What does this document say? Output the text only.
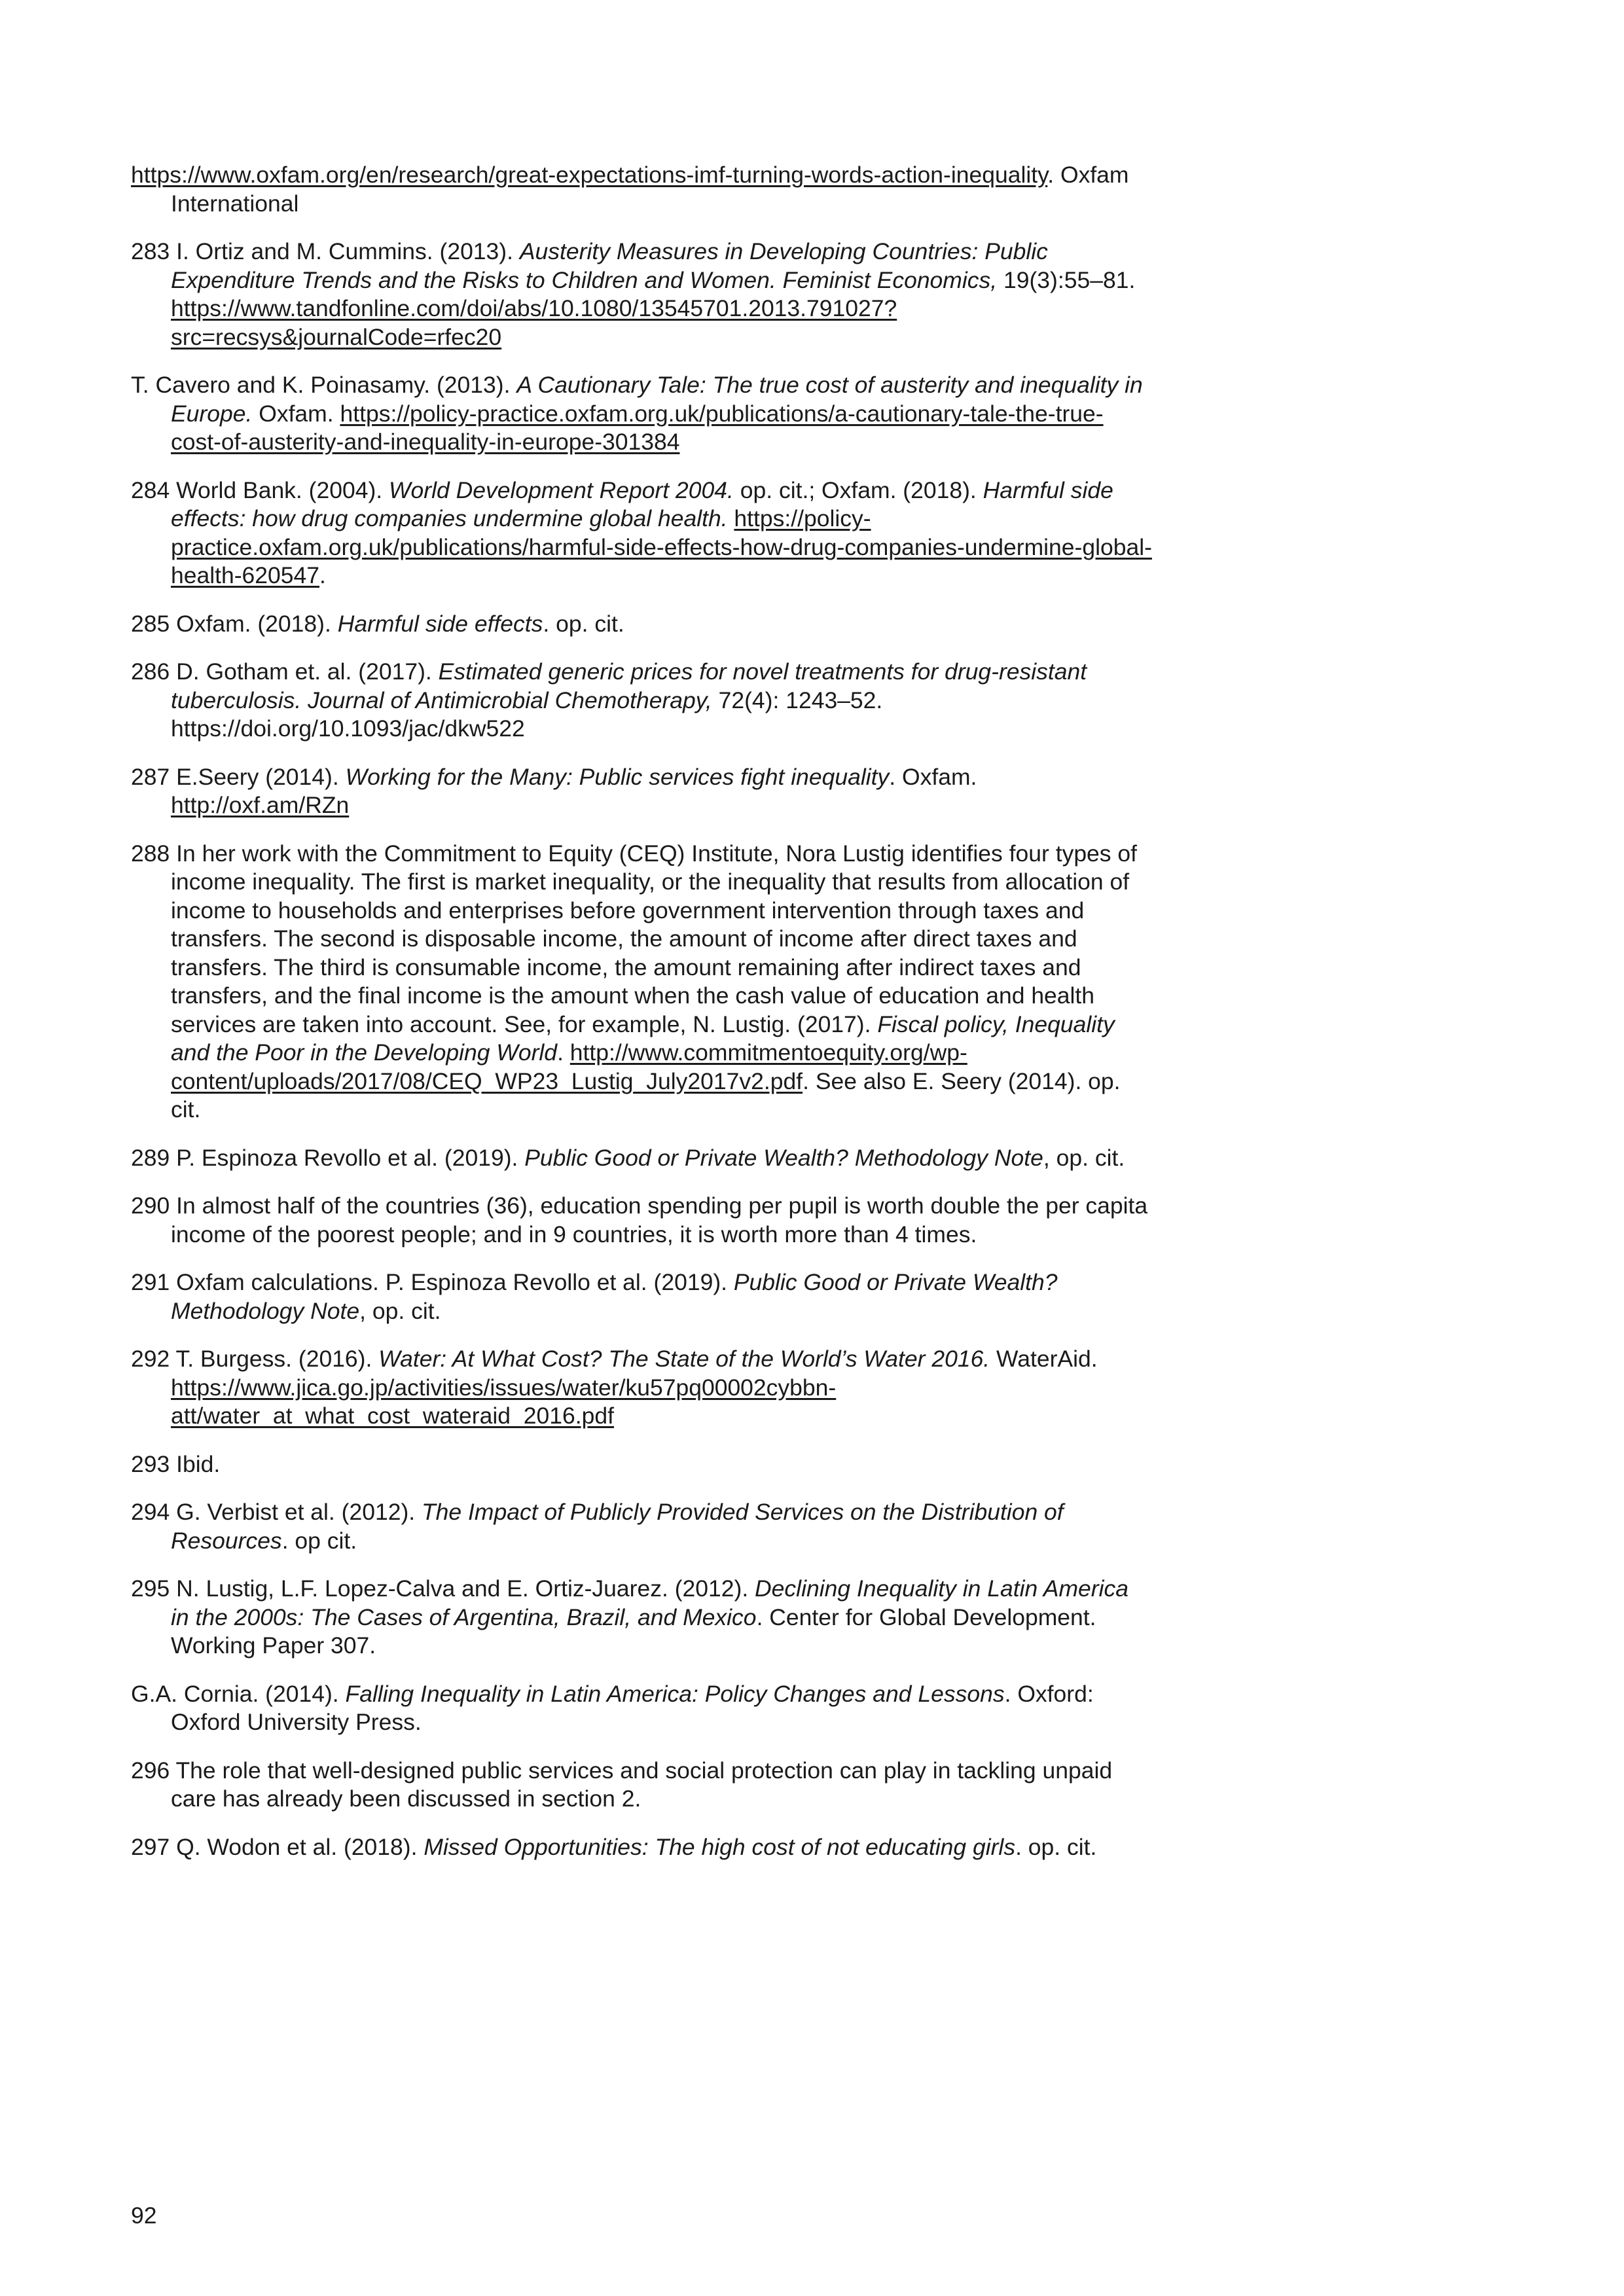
https://www.oxfam.org/en/research/great-expectations-imf-turning-words-action-inequality. Oxfam International

283 I. Ortiz and M. Cummins. (2013). Austerity Measures in Developing Countries: Public Expenditure Trends and the Risks to Children and Women. Feminist Economics, 19(3):55–81. https://www.tandfonline.com/doi/abs/10.1080/13545701.2013.791027?src=recsys&journalCode=rfec20

T. Cavero and K. Poinasamy. (2013). A Cautionary Tale: The true cost of austerity and inequality in Europe. Oxfam. https://policy-practice.oxfam.org.uk/publications/a-cautionary-tale-the-true-cost-of-austerity-and-inequality-in-europe-301384

284 World Bank. (2004). World Development Report 2004. op. cit.; Oxfam. (2018). Harmful side effects: how drug companies undermine global health. https://policy-practice.oxfam.org.uk/publications/harmful-side-effects-how-drug-companies-undermine-global-health-620547.

285 Oxfam. (2018). Harmful side effects. op. cit.

286 D. Gotham et. al. (2017). Estimated generic prices for novel treatments for drug-resistant tuberculosis. Journal of Antimicrobial Chemotherapy, 72(4): 1243–52. https://doi.org/10.1093/jac/dkw522

287 E.Seery (2014). Working for the Many: Public services fight inequality. Oxfam. http://oxf.am/RZn

288 In her work with the Commitment to Equity (CEQ) Institute, Nora Lustig identifies four types of income inequality. The first is market inequality, or the inequality that results from allocation of income to households and enterprises before government intervention through taxes and transfers. The second is disposable income, the amount of income after direct taxes and transfers. The third is consumable income, the amount remaining after indirect taxes and transfers, and the final income is the amount when the cash value of education and health services are taken into account. See, for example, N. Lustig. (2017). Fiscal policy, Inequality and the Poor in the Developing World. http://www.commitmentoequity.org/wp-content/uploads/2017/08/CEQ_WP23_Lustig_July2017v2.pdf. See also E. Seery (2014). op. cit.

289 P. Espinoza Revollo et al. (2019). Public Good or Private Wealth? Methodology Note, op. cit.

290 In almost half of the countries (36), education spending per pupil is worth double the per capita income of the poorest people; and in 9 countries, it is worth more than 4 times.

291 Oxfam calculations. P. Espinoza Revollo et al. (2019). Public Good or Private Wealth? Methodology Note, op. cit.

292 T. Burgess. (2016). Water: At What Cost? The State of the World’s Water 2016. WaterAid. https://www.jica.go.jp/activities/issues/water/ku57pq00002cybbn-att/water_at_what_cost_wateraid_2016.pdf

293 Ibid.

294 G. Verbist et al. (2012). The Impact of Publicly Provided Services on the Distribution of Resources. op cit.

295 N. Lustig, L.F. Lopez-Calva and E. Ortiz-Juarez. (2012). Declining Inequality in Latin America in the 2000s: The Cases of Argentina, Brazil, and Mexico. Center for Global Development. Working Paper 307.

G.A. Cornia. (2014). Falling Inequality in Latin America: Policy Changes and Lessons. Oxford: Oxford University Press.

296 The role that well-designed public services and social protection can play in tackling unpaid care has already been discussed in section 2.

297 Q. Wodon et al. (2018). Missed Opportunities: The high cost of not educating girls. op. cit.

92
